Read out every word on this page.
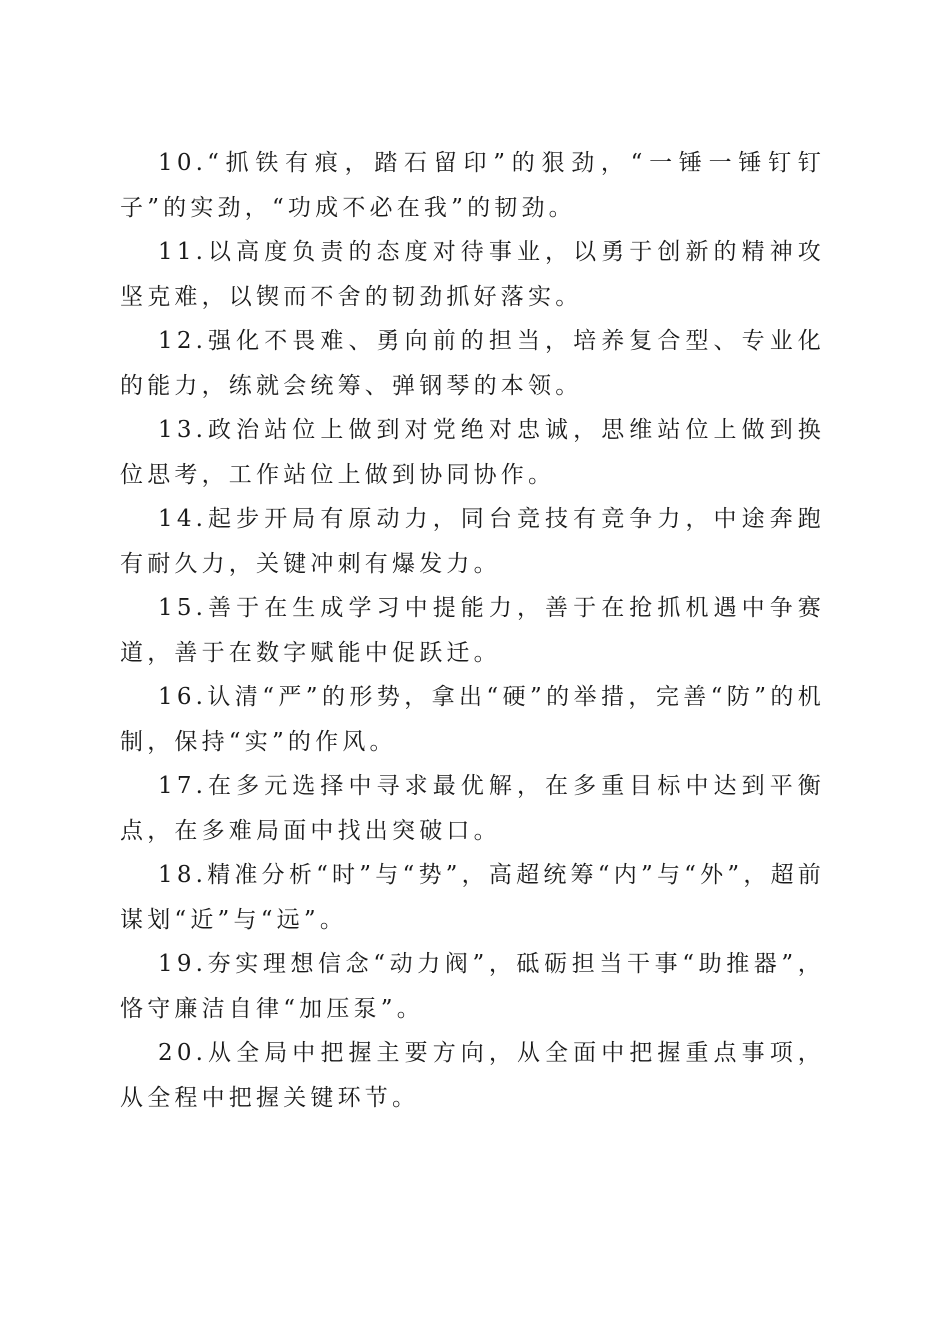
10.“抓铁有痕，踏石留印”的狠劲，“一锤一锤钉钉子”的实劲，“功成不必在我”的韧劲。

11.以高度负责的态度对待事业，以勇于创新的精神攻坚克难，以锲而不舍的韧劲抓好落实。

12.强化不畏难、勇向前的担当，培养复合型、专业化的能力，练就会统筹、弹钢琴的本领。

13.政治站位上做到对党绝对忠诚，思维站位上做到换位思考，工作站位上做到协同协作。

14.起步开局有原动力，同台竞技有竞争力，中途奔跑有耐久力，关键冲刺有爆发力。

15.善于在生成学习中提能力，善于在抢抓机遇中争赛道，善于在数字赋能中促跃迁。

16.认清“严”的形势，拿出“硬”的举措，完善“防”的机制，保持“实”的作风。

17.在多元选择中寻求最优解，在多重目标中达到平衡点，在多难局面中找出突破口。

18.精准分析“时”与“势”，高超统筹“内”与“外”，超前谋划“近”与“远”。

19.夯实理想信念“动力阀”，砥砺担当干事“助推器”，恪守廉洁自律“加压泵”。

20.从全局中把握主要方向，从全面中把握重点事项，从全程中把握关键环节。
